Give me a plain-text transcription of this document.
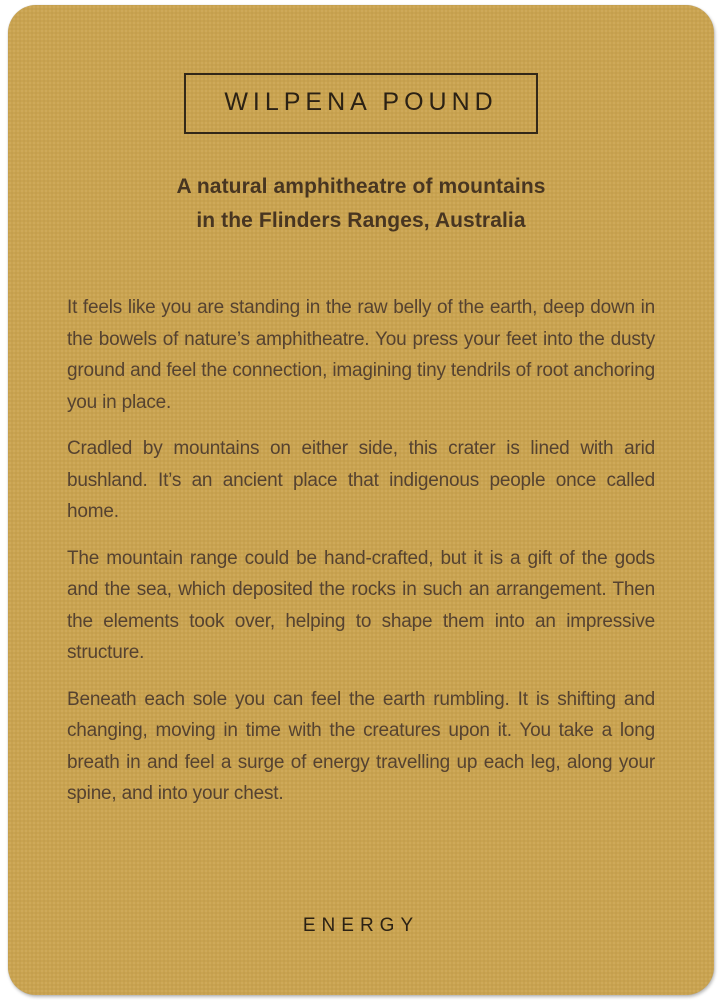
WILPENA POUND
A natural amphitheatre of mountains
in the Flinders Ranges, Australia

It feels like you are standing in the raw belly of the earth, deep down in the bowels of nature’s amphitheatre. You press your feet into the dusty ground and feel the connection, imagining tiny tendrils of root anchoring you in place.

Cradled by mountains on either side, this crater is lined with arid bushland. It’s an ancient place that indigenous people once called home.

The mountain range could be hand-crafted, but it is a gift of the gods and the sea, which deposited the rocks in such an arrangement. Then the elements took over, helping to shape them into an impressive structure.

Beneath each sole you can feel the earth rumbling. It is shifting and changing, moving in time with the creatures upon it. You take a long breath in and feel a surge of energy travelling up each leg, along your spine, and into your chest.

ENERGY
